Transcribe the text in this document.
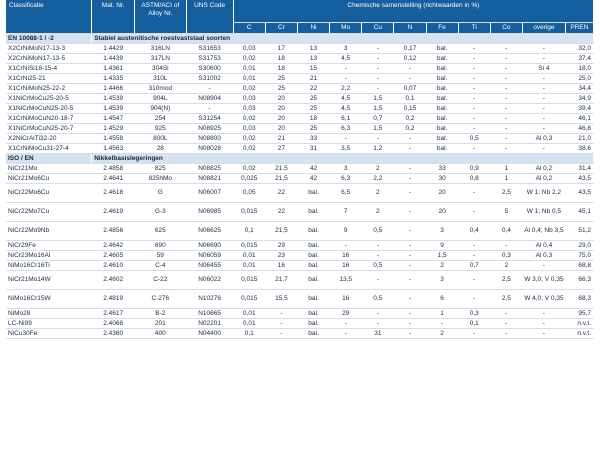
Classificatie	Mat. Nr.	ASTM/ACI of Alloy Nr.	UNS Code	Chemische samenstelling (richtwaarden in %)										
				C	Cr	Ni	Mo	Cu	N	Fe	Ti	Co	overige	PREN
EN 10088-1 / -2	Stabiel austenitische roestvaststaal soorten													
X2CrNiMoN17-13-3	1.4429	316LN	S31653	0,03	17	13	3	-	0,17	bal.	-	-	-	32,0
X2CrNiMoN17-13-5	1.4439	317LN	S31753	0,02	18	13	4,5	-	0,12	bal.	-	-	-	37,4
X1CrNiSi18-15-4	1.4361	304Si	S30600	0,01	18	15	-	-	-	bal.	-	-	Si 4	18,0
X1CrNi25-21	1.4335	310L	S31002	0,01	25	21	-	-	-	bal.	-	-	-	25,0
X1CrNiMoN25-22-2	1.4466	310mod	-	0,02	25	22	2,2	-	0,07	bal.	-	-	-	34,4
X1NiCrMoCu25-20-5	1.4539	904L	N08904	0,03	20	25	4,5	1,5	0,1	bal.	-	-	-	34,9
X1NiCrMoCuN25-20-5	1.4539	904(N)	-	0,03	20	25	4,5	1,5	0,15	bal.	-	-	-	39,4
X1CrNiMoCuN20-18-7	1.4547	254	S31254	0,02	20	18	6,1	0,7	0,2	bal.	-	-	-	46,1
X1NiCrMoCuN25-20-7	1.4529	925	N08925	0,03	20	25	6,3	1,5	0,2	bal.	-	-	-	46,8
X2NiCrAlTi32-20	1.4558	800L	N08800	0,02	21	33	-	-	-	bal.	0,5	-	Al 0,3	21,0
X1CrNiMoCu31-27-4	1.4563	28	N08028	0,02	27	31	3,5	1,2	-	bal.	-	-	-	38,6
ISO / EN	Nikkelbasislegeringen													
NiCr21Mo	2.4858	825	N08825	0,02	21,5	42	3	2	-	33	0,9	1	Al 0,2	31,4
NiCr21Mo6Cu	2.4641	825hMo	N08821	0,025	21,5	42	6,3	2,2	-	30	0,8	1	Al 0,2	43,5
NiCr22Mo6Cu	2.4618	G	N06007	0,05	22	bal.	6,5	2	-	20	-	2,5	W 1; Nb 2,2	43,5
NiCr22Mo7Cu	2.4619	G-3	N06985	0,015	22	bal.	7	2	-	20	-	5	W 1; Nb 0,5	45,1
NiCr22Mo9Nb	2.4856	625	N06625	0,1	21,5	bal.	9	0,5	-	3	0,4	0,4	Al 0,4; Nb 3,5	51,2
NiCr29Fe	2.4642	690	N06690	0,015	29	bal.	-	-	-	9	-	-	Al 0,4	29,0
NiCr23Mo16Al	2.4605	59	N06059	0,01	23	bal.	16	-	-	1,5	-	0,3	Al 0,3	75,0
NiMo16Cr16Ti	2.4610	C-4	N06455	0,01	16	bal.	16	0,5	-	2	0,7	2	-	68,8
NiCr21Mo14W	2.4602	C-22	N06022	0,015	21,7	bal.	13,5	-	-	3	-	2,5	W 3,0; V 0,35	66,3
NiMo16Cr15W	2.4819	C-276	N10276	0,015	15,5	bal.	16	0,5	-	6	-	2,5	W 4,0; V 0,35	68,3
NiMo28	2.4617	B-2	N10665	0,01	-	bal.	29	-	-	1	0,3	-	-	95,7
LC-Ni99	2.4068	201	N02201	0,01	-	bal.	-	-	-	-	0,1	-	-	n.v.t.
NiCu30Fe	2.4360	400	N04400	0,1	-	bal.	-	31	-	2	-	-	-	n.v.t.
